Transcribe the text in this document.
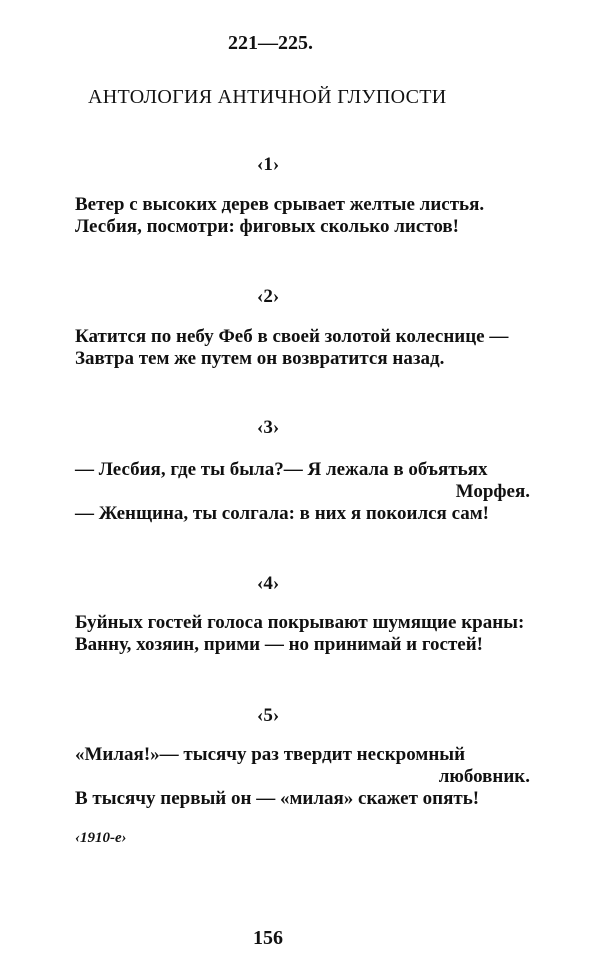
221—225.
АНТОЛОГИЯ АНТИЧНОЙ ГЛУПОСТИ
‹1›
Ветер с высоких дерев срывает желтые листья.
Лесбия, посмотри: фиговых сколько листов!
‹2›
Катится по небу Феб в своей золотой колеснице —
Завтра тем же путем он возвратится назад.
‹3›
— Лесбия, где ты была?— Я лежала в объятьях
Морфея.
— Женщина, ты солгала: в них я покоился сам!
‹4›
Буйных гостей голоса покрывают шумящие краны:
Ванну, хозяин, прими — но принимай и гостей!
‹5›
«Милая!»— тысячу раз твердит нескромный
любовник.
В тысячу первый он — «милая» скажет опять!
‹1910-е›
156
